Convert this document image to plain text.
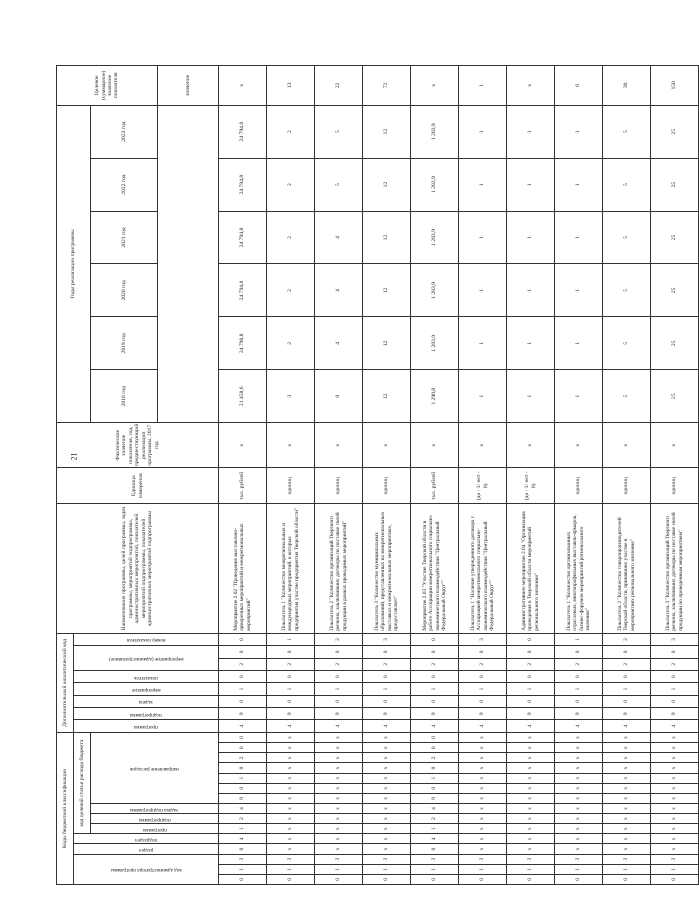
21
Коды бюджетной классификации															Дополнительный аналитический код								Наименование программы, целей программы, задач программы, мероприятий подпрограммы, административных мероприятий, показателей мероприятий подпрограммы, показателей административных мероприятий подпрограммы	Единица измерения	Фактическое значение показателя, год, предшествующий реализации программы, 2017 год	Годы реализации программы						Целевое (суммарное) значение показателя

код администратора программы			раздел	подраздел	код целевой статьи расхода бюджета										программа	подпрограмма	задача	мероприятие	показатель	мероприятие (административное)		номер показателя										

					программа	подпрограмма	задача подпрограммы	направление расходов																		2018 год	2019 год	2020 год	2021 год	2022 год	2023 год	
																																значение
0	1	3	0	4	1	2	4	9	0	1	0	2	0	0	4	9	0	1	0	2	0	0	Мероприятие 2.02 "Проведение выставочно-ярмарочных мероприятий и межрегиональных мероприятий"	тыс. рублей	х	21 458,6	24 790,8	24 794,8	24 794,8	24 794,8	24 794,8	х
0	1	3	х	х	х	х	х	х	х	х	х	х	х	х	4	9	0	1	0	2	0	1	Показатель 1 "Количество межрегиональных и международных мероприятий, в которых предприятия участие предприятия Тверской области"	единиц	х	3	2	2	2	2	2	13
0	1	3	х	х	х	х	х	х	х	х	х	х	х	х	4	9	0	1	0	2	0	2	Показатель 2 "Количество организаций Тверского региона, заключивших договоры по поставке своей продукции в рамках проводимых мероприятий"	единиц	х	0	4	4	4	5	5	22
0	1	3	х	х	х	х	х	х	х	х	х	х	х	х	4	9	0	1	0	2	0	3	Показатель 3 "Количество муниципальных образований, представленных на межрегиональных выставках и межрегиональных мероприятиях, предоставляет"	единиц	х	12	12	12	12	12	12	72
0	1	3	0	4	1	2	4	9	0	1	0	2	0	0	4	9	0	1	0	2	0	0	Мероприятие 2.03 "Участие Тверской области в работе Ассоциации межрегионального социально-экономического взаимодействия "Центральный Федеральный Округ""	тыс. рублей	х	1 290,8	1 283,9	1 283,9	1 283,9	1 283,9	1 283,9	х
0	1	3	х	х	х	х	х	х	х	х	х	х	х	х	4	9	0	1	0	2	0	3	Показатель 1 "Наличие утвержденного договора с Ассоциацией межрегионального социально-экономического взаимодействия "Центральный Федеральный Округ""	(да - 1/ нет - 0)	х	1	1	1	1	1	1	1
0	1	3	х	х	х	х	х	х	х	х	х	х	х	х	4	9	0	1	0	2	0	0	Административное мероприятие 2.04 "Организация проведения в Тверской области мероприятий регионального значения"	(да - 1/ нет - 0)	х	1	1	1	1	1	1	х
0	1	3	х	х	х	х	х	х	х	х	х	х	х	х	4	9	0	1	0	2	0	1	Показатель 1 "Количество организованных отраслевых, многопрофильных выставок-ярмарок, бизнес-форумов мероприятий регионального значения"	единиц	х	1	1	1	1	1	1	6
0	1	3	х	х	х	х	х	х	х	х	х	х	х	х	4	9	0	1	0	2	0	2	Показатель 2 "Количество товаропроизводителей Тверской области, принявших участие в мероприятиях регионального значения"	единиц	х	5	5	5	5	5	5	30
0	1	3	х	х	х	х	х	х	х	х	х	х	х	х	4	9	0	1	0	2	0	3	Показатель 3 "Количество организаций Тверского региона, заключивших договоры по поставке своей продукции по проведенным мероприятиям"	единиц	х	25	25	25	25	25	25	150
